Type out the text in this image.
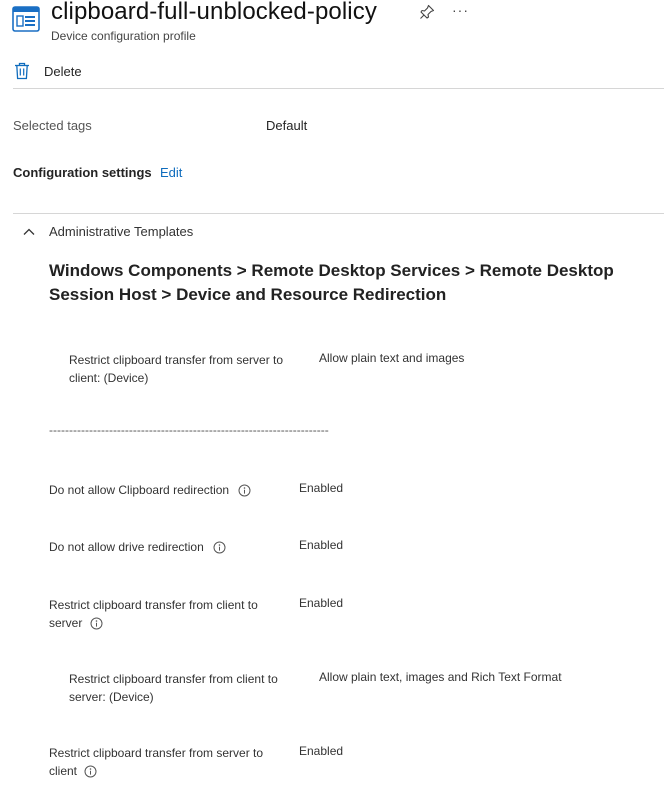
clipboard-full-unblocked-policy
Device configuration profile
···
Delete
Selected tags	Default
Configuration settings Edit
Administrative Templates
Windows Components > Remote Desktop Services > Remote Desktop Session Host > Device and Resource Redirection
Restrict clipboard transfer from server to client: (Device)
Allow plain text and images
----------------------------------------------------------------------
Do not allow Clipboard redirection	Enabled
Do not allow drive redirection	Enabled
Restrict clipboard transfer from client to server
Enabled
Restrict clipboard transfer from client to server: (Device)
Allow plain text, images and Rich Text Format
Restrict clipboard transfer from server to client
Enabled
